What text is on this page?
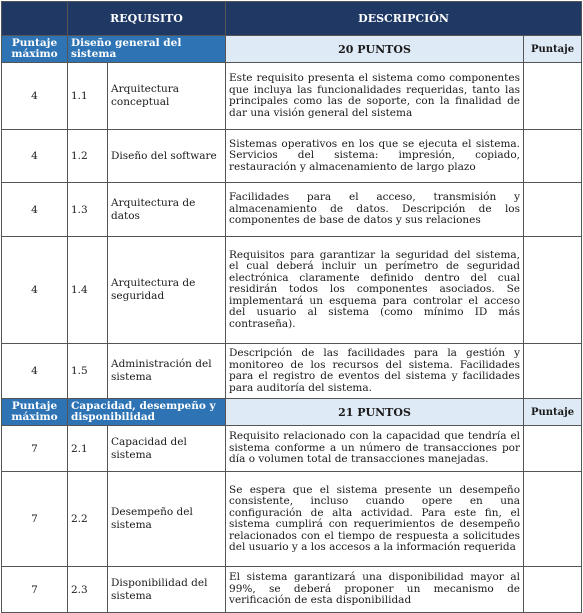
	REQUISITO		DESCRIPCIÓN	
Puntaje máximo	Diseño general del sistema		20 PUNTOS	Puntaje
4	1.1	Arquitectura conceptual	Este requisito presenta el sistema como componentes que incluya las funcionalidades requeridas, tanto las principales como las de soporte, con la finalidad de dar una visión general del sistema	
4	1.2	Diseño del software	Sistemas operativos en los que se ejecuta el sistema. Servicios del sistema: impresión, copiado, restauración y almacenamiento de largo plazo	
4	1.3	Arquitectura de datos	Facilidades para el acceso, transmisión y almacenamiento de datos. Descripción de los componentes de base de datos y sus relaciones	
4	1.4	Arquitectura de seguridad	Requisitos para garantizar la seguridad del sistema, el cual deberá incluir un perímetro de seguridad electrónica claramente definido dentro del cual residirán todos los componentes asociados. Se implementará un esquema para controlar el acceso del usuario al sistema (como mínimo ID más contraseña).	
4	1.5	Administración del sistema	Descripción de las facilidades para la gestión y monitoreo de los recursos del sistema. Facilidades para el registro de eventos del sistema y facilidades para auditoría del sistema.	
Puntaje máximo	Capacidad, desempeño y disponibilidad		21 PUNTOS	Puntaje
7	2.1	Capacidad del sistema	Requisito relacionado con la capacidad que tendría el sistema conforme a un número de transacciones por día o volumen total de transacciones manejadas.	
7	2.2	Desempeño del sistema	Se espera que el sistema presente un desempeño consistente, incluso cuando opere en una configuración de alta actividad. Para este fin, el sistema cumplirá con requerimientos de desempeño relacionados con el tiempo de respuesta a solicitudes del usuario y a los accesos a la información requerida	
7	2.3	Disponibilidad del sistema	El sistema garantizará una disponibilidad mayor al 99%, se deberá proponer un mecanismo de verificación de esta disponibilidad	
